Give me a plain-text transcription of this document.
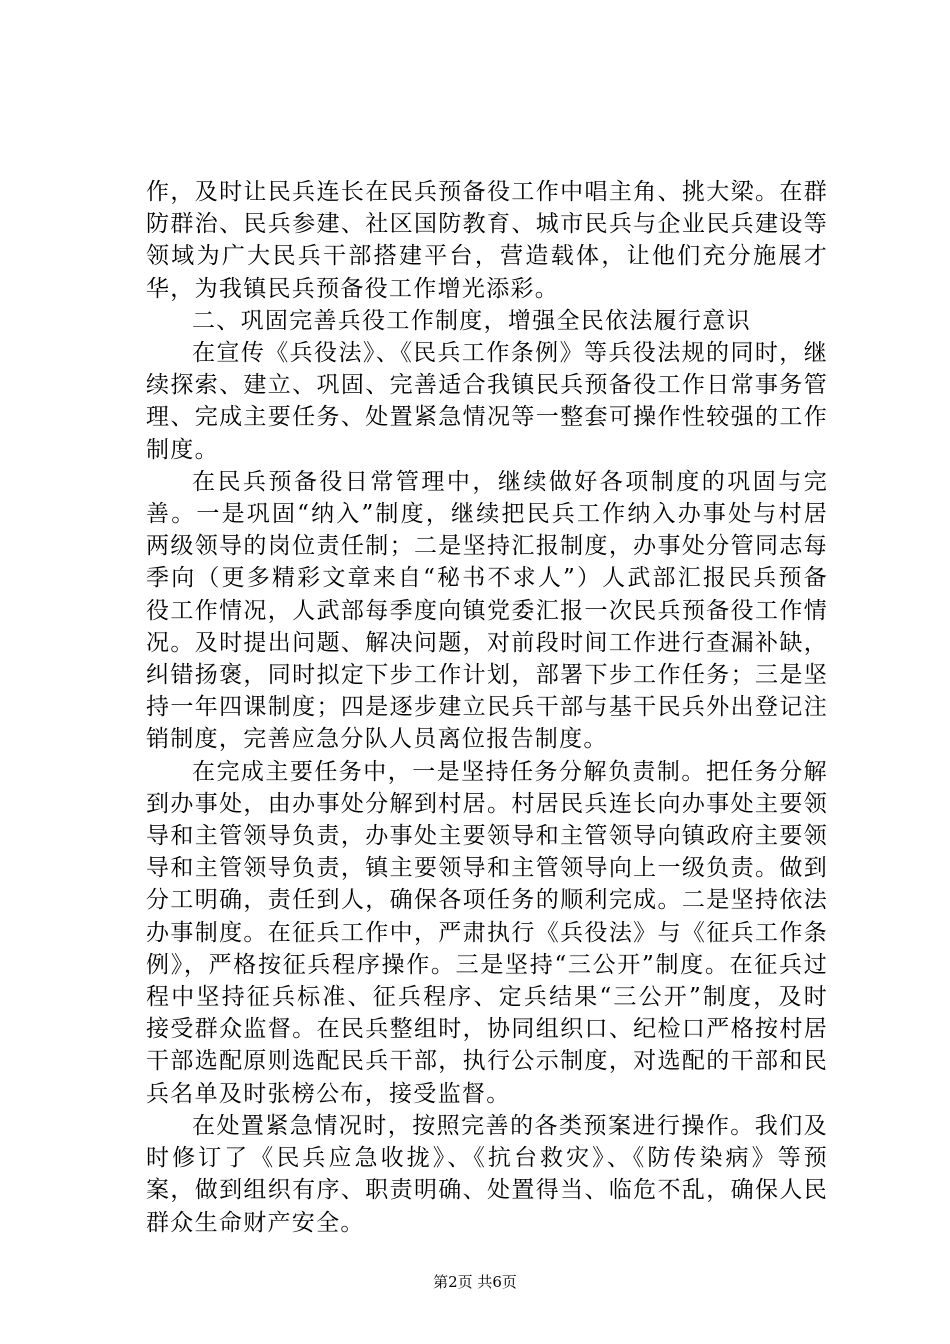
作，及时让民兵连长在民兵预备役工作中唱主角、挑大梁。在群防群治、民兵参建、社区国防教育、城市民兵与企业民兵建设等领域为广大民兵干部搭建平台，营造载体，让他们充分施展才华，为我镇民兵预备役工作增光添彩。

二、巩固完善兵役工作制度，增强全民依法履行意识

在宣传《兵役法》、《民兵工作条例》等兵役法规的同时，继续探索、建立、巩固、完善适合我镇民兵预备役工作日常事务管理、完成主要任务、处置紧急情况等一整套可操作性较强的工作制度。

在民兵预备役日常管理中，继续做好各项制度的巩固与完善。一是巩固“纳入”制度，继续把民兵工作纳入办事处与村居两级领导的岗位责任制；二是坚持汇报制度，办事处分管同志每季向（更多精彩文章来自“秘书不求人”）人武部汇报民兵预备役工作情况，人武部每季度向镇党委汇报一次民兵预备役工作情况。及时提出问题、解决问题，对前段时间工作进行查漏补缺，纠错扬褒，同时拟定下步工作计划，部署下步工作任务；三是坚持一年四课制度；四是逐步建立民兵干部与基干民兵外出登记注销制度，完善应急分队人员离位报告制度。

在完成主要任务中，一是坚持任务分解负责制。把任务分解到办事处，由办事处分解到村居。村居民兵连长向办事处主要领导和主管领导负责，办事处主要领导和主管领导向镇政府主要领导和主管领导负责，镇主要领导和主管领导向上一级负责。做到分工明确，责任到人，确保各项任务的顺利完成。二是坚持依法办事制度。在征兵工作中，严肃执行《兵役法》与《征兵工作条例》，严格按征兵程序操作。三是坚持“三公开”制度。在征兵过程中坚持征兵标准、征兵程序、定兵结果“三公开”制度，及时接受群众监督。在民兵整组时，协同组织口、纪检口严格按村居干部选配原则选配民兵干部，执行公示制度，对选配的干部和民兵名单及时张榜公布，接受监督。

在处置紧急情况时，按照完善的各类预案进行操作。我们及时修订了《民兵应急收拢》、《抗台救灾》、《防传染病》等预案，做到组织有序、职责明确、处置得当、临危不乱，确保人民群众生命财产安全。

第2页 共6页
